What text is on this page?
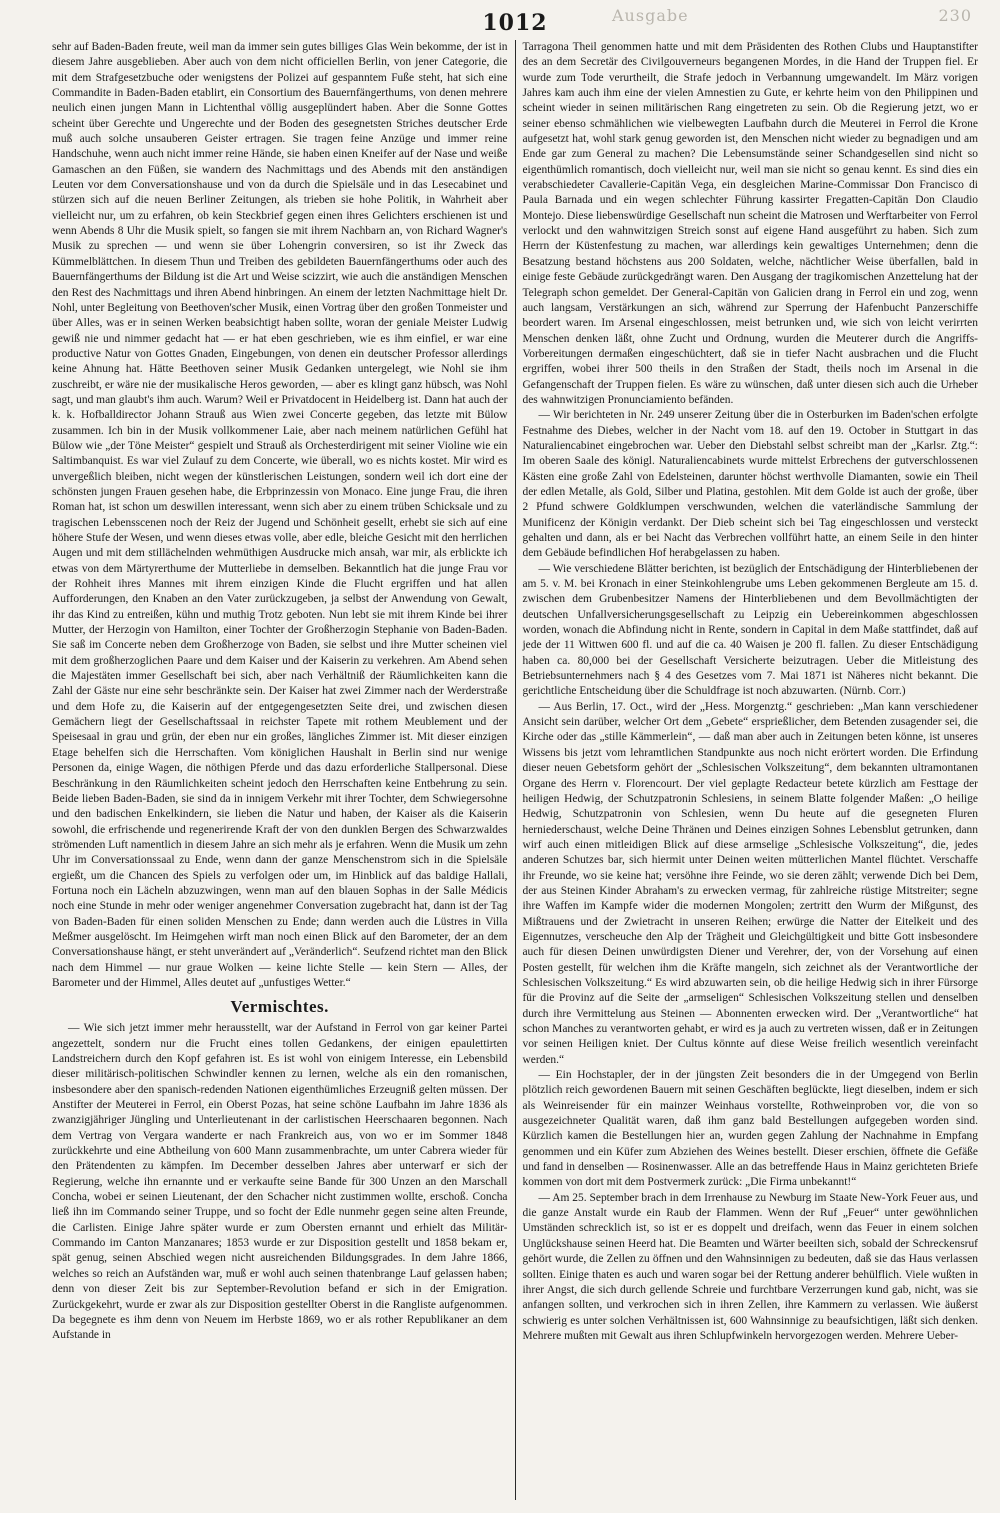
Ausgabe
1012	230

sehr auf Baden-Baden freute, weil man da immer sein gutes billiges Glas Wein bekomme, der ist in diesem Jahre ausgeblieben. Aber auch von dem nicht officiellen Berlin, von jener Categorie, die mit dem Strafgesetzbuche oder wenigstens der Polizei auf gespanntem Fuße steht, hat sich eine Commandite in Baden-Baden etablirt, ein Consortium des Bauernfängerthums, von denen mehrere neulich einen jungen Mann in Lichtenthal völlig ausgeplündert haben. Aber die Sonne Gottes scheint über Gerechte und Ungerechte und der Boden des gesegnetsten Striches deutscher Erde muß auch solche unsauberen Geister ertragen. Sie tragen feine Anzüge und immer reine Handschuhe, wenn auch nicht immer reine Hände, sie haben einen Kneifer auf der Nase und weiße Gamaschen an den Füßen, sie wandern des Nachmittags und des Abends mit den anständigen Leuten vor dem Conversationshause und von da durch die Spielsäle und in das Lesecabinet und stürzen sich auf die neuen Berliner Zeitungen, als trieben sie hohe Politik, in Wahrheit aber vielleicht nur, um zu erfahren, ob kein Steckbrief gegen einen ihres Gelichters erschienen ist und wenn Abends 8 Uhr die Musik spielt, so fangen sie mit ihrem Nachbarn an, von Richard Wagner's Musik zu sprechen — und wenn sie über Lohengrin conversiren, so ist ihr Zweck das Kümmelblättchen. In diesem Thun und Treiben des gebildeten Bauernfängerthums oder auch des Bauernfängerthums der Bildung ist die Art und Weise scizzirt, wie auch die anständigen Menschen den Rest des Nachmittags und ihren Abend hinbringen. An einem der letzten Nachmittage hielt Dr. Nohl, unter Begleitung von Beethoven'scher Musik, einen Vortrag über den großen Tonmeister und über Alles, was er in seinen Werken beabsichtigt haben sollte, woran der geniale Meister Ludwig gewiß nie und nimmer gedacht hat — er hat eben geschrieben, wie es ihm einfiel, er war eine productive Natur von Gottes Gnaden, Eingebungen, von denen ein deutscher Professor allerdings keine Ahnung hat. Hätte Beethoven seiner Musik Gedanken untergelegt, wie Nohl sie ihm zuschreibt, er wäre nie der musikalische Heros geworden, — aber es klingt ganz hübsch, was Nohl sagt, und man glaubt's ihm auch. Warum? Weil er Privatdocent in Heidelberg ist. Dann hat auch der k. k. Hofballdirector Johann Strauß aus Wien zwei Concerte gegeben, das letzte mit Bülow zusammen. Ich bin in der Musik vollkommener Laie, aber nach meinem natürlichen Gefühl hat Bülow wie „der Töne Meister“ gespielt und Strauß als Orchesterdirigent mit seiner Violine wie ein Saltimbanquist. Es war viel Zulauf zu dem Concerte, wie überall, wo es nichts kostet. Mir wird es unvergeßlich bleiben, nicht wegen der künstlerischen Leistungen, sondern weil ich dort eine der schönsten jungen Frauen gesehen habe, die Erbprinzessin von Monaco. Eine junge Frau, die ihren Roman hat, ist schon um deswillen interessant, wenn sich aber zu einem trüben Schicksale und zu tragischen Lebensscenen noch der Reiz der Jugend und Schönheit gesellt, erhebt sie sich auf eine höhere Stufe der Wesen, und wenn dieses etwas volle, aber edle, bleiche Gesicht mit den herrlichen Augen und mit dem stillächelnden wehmüthigen Ausdrucke mich ansah, war mir, als erblickte ich etwas von dem Märtyrerthume der Mutterliebe in demselben. Bekanntlich hat die junge Frau vor der Rohheit ihres Mannes mit ihrem einzigen Kinde die Flucht ergriffen und hat allen Aufforderungen, den Knaben an den Vater zurückzugeben, ja selbst der Anwendung von Gewalt, ihr das Kind zu entreißen, kühn und muthig Trotz geboten. Nun lebt sie mit ihrem Kinde bei ihrer Mutter, der Herzogin von Hamilton, einer Tochter der Großherzogin Stephanie von Baden-Baden. Sie saß im Concerte neben dem Großherzoge von Baden, sie selbst und ihre Mutter scheinen viel mit dem großherzoglichen Paare und dem Kaiser und der Kaiserin zu verkehren. Am Abend sehen die Majestäten immer Gesellschaft bei sich, aber nach Verhältniß der Räumlichkeiten kann die Zahl der Gäste nur eine sehr beschränkte sein. Der Kaiser hat zwei Zimmer nach der Werderstraße und dem Hofe zu, die Kaiserin auf der entgegengesetzten Seite drei, und zwischen diesen Gemächern liegt der Gesellschaftssaal in reichster Tapete mit rothem Meublement und der Speisesaal in grau und grün, der eben nur ein großes, längliches Zimmer ist. Mit dieser einzigen Etage behelfen sich die Herrschaften. Vom königlichen Haushalt in Berlin sind nur wenige Personen da, einige Wagen, die nöthigen Pferde und das dazu erforderliche Stallpersonal. Diese Beschränkung in den Räumlichkeiten scheint jedoch den Herrschaften keine Entbehrung zu sein. Beide lieben Baden-Baden, sie sind da in innigem Verkehr mit ihrer Tochter, dem Schwiegersohne und den badischen Enkelkindern, sie lieben die Natur und haben, der Kaiser als die Kaiserin sowohl, die erfrischende und regenerirende Kraft der von den dunklen Bergen des Schwarzwaldes strömenden Luft namentlich in diesem Jahre an sich mehr als je erfahren. Wenn die Musik um zehn Uhr im Conversationssaal zu Ende, wenn dann der ganze Menschenstrom sich in die Spielsäle ergießt, um die Chancen des Spiels zu verfolgen oder um, im Hinblick auf das baldige Hallali, Fortuna noch ein Lächeln abzuzwingen, wenn man auf den blauen Sophas in der Salle Médicis noch eine Stunde in mehr oder weniger angenehmer Conversation zugebracht hat, dann ist der Tag von Baden-Baden für einen soliden Menschen zu Ende; dann werden auch die Lüstres in Villa Meßmer ausgelöscht. Im Heimgehen wirft man noch einen Blick auf den Barometer, der an dem Conversationshause hängt, er steht unverändert auf „Veränderlich“. Seufzend richtet man den Blick nach dem Himmel — nur graue Wolken — keine lichte Stelle — kein Stern — Alles, der Barometer und der Himmel, Alles deutet auf „unfustiges Wetter.“

Vermischtes.

— Wie sich jetzt immer mehr herausstellt, war der Aufstand in Ferrol von gar keiner Partei angezettelt, sondern nur die Frucht eines tollen Gedankens, der einigen epaulettirten Landstreichern durch den Kopf gefahren ist. Es ist wohl von einigem Interesse, ein Lebensbild dieser militärisch-politischen Schwindler kennen zu lernen, welche als ein den romanischen, insbesondere aber den spanisch-redenden Nationen eigenthümliches Erzeugniß gelten müssen. Der Anstifter der Meuterei in Ferrol, ein Oberst Pozas, hat seine schöne Laufbahn im Jahre 1836 als zwanzigjähriger Jüngling und Unterlieutenant in der carlistischen Heerschaaren begonnen. Nach dem Vertrag von Vergara wanderte er nach Frankreich aus, von wo er im Sommer 1848 zurückkehrte und eine Abtheilung von 600 Mann zusammenbrachte, um unter Cabrera wieder für den Prätendenten zu kämpfen. Im December desselben Jahres aber unterwarf er sich der Regierung, welche ihn ernannte und er verkaufte seine Bande für 300 Unzen an den Marschall Concha, wobei er seinen Lieutenant, der den Schacher nicht zustimmen wollte, erschoß. Concha ließ ihn im Commando seiner Truppe, und so focht der Edle nunmehr gegen seine alten Freunde, die Carlisten. Einige Jahre später wurde er zum Obersten ernannt und erhielt das Militär-Commando im Canton Manzanares; 1853 wurde er zur Disposition gestellt und 1858 bekam er, spät genug, seinen Abschied wegen nicht ausreichenden Bildungsgrades. In dem Jahre 1866, welches so reich an Aufständen war, muß er wohl auch seinen thatenbrange Lauf gelassen haben; denn von dieser Zeit bis zur September-Revolution befand er sich in der Emigration. Zurückgekehrt, wurde er zwar als zur Disposition gestellter Oberst in die Rangliste aufgenommen. Da begegnete es ihm denn von Neuem im Herbste 1869, wo er als rother Republikaner an dem Aufstande in

Tarragona Theil genommen hatte und mit dem Präsidenten des Rothen Clubs und Hauptanstifter des an dem Secretär des Civilgouverneurs begangenen Mordes, in die Hand der Truppen fiel. Er wurde zum Tode verurtheilt, die Strafe jedoch in Verbannung umgewandelt. Im März vorigen Jahres kam auch ihm eine der vielen Amnestien zu Gute, er kehrte heim von den Philippinen und scheint wieder in seinen militärischen Rang eingetreten zu sein. Ob die Regierung jetzt, wo er seiner ebenso schmählichen wie vielbewegten Laufbahn durch die Meuterei in Ferrol die Krone aufgesetzt hat, wohl stark genug geworden ist, den Menschen nicht wieder zu begnadigen und am Ende gar zum General zu machen? Die Lebensumstände seiner Schandgesellen sind nicht so eigenthümlich romantisch, doch vielleicht nur, weil man sie nicht so genau kennt. Es sind dies ein verabschiedeter Cavallerie-Capitän Vega, ein desgleichen Marine-Commissar Don Francisco di Paula Barnada und ein wegen schlechter Führung kassirter Fregatten-Capitän Don Claudio Montejo. Diese liebenswürdige Gesellschaft nun scheint die Matrosen und Werftarbeiter von Ferrol verlockt und den wahnwitzigen Streich sonst auf eigene Hand ausgeführt zu haben. Sich zum Herrn der Küstenfestung zu machen, war allerdings kein gewaltiges Unternehmen; denn die Besatzung bestand höchstens aus 200 Soldaten, welche, nächtlicher Weise überfallen, bald in einige feste Gebäude zurückgedrängt waren. Den Ausgang der tragikomischen Anzettelung hat der Telegraph schon gemeldet. Der General-Capitän von Galicien drang in Ferrol ein und zog, wenn auch langsam, Verstärkungen an sich, während zur Sperrung der Hafenbucht Panzerschiffe beordert waren. Im Arsenal eingeschlossen, meist betrunken und, wie sich von leicht verirrten Menschen denken läßt, ohne Zucht und Ordnung, wurden die Meuterer durch die Angriffs-Vorbereitungen dermaßen eingeschüchtert, daß sie in tiefer Nacht ausbrachen und die Flucht ergriffen, wobei ihrer 500 theils in den Straßen der Stadt, theils noch im Arsenal in die Gefangenschaft der Truppen fielen. Es wäre zu wünschen, daß unter diesen sich auch die Urheber des wahnwitzigen Pronunciamiento befänden.

— Wir berichteten in Nr. 249 unserer Zeitung über die in Osterburken im Baden'schen erfolgte Festnahme des Diebes, welcher in der Nacht vom 18. auf den 19. October in Stuttgart in das Naturaliencabinet eingebrochen war. Ueber den Diebstahl selbst schreibt man der „Karlsr. Ztg.“: Im oberen Saale des königl. Naturaliencabinets wurde mittelst Erbrechens der gutverschlossenen Kästen eine große Zahl von Edelsteinen, darunter höchst werthvolle Diamanten, sowie ein Theil der edlen Metalle, als Gold, Silber und Platina, gestohlen. Mit dem Golde ist auch der große, über 2 Pfund schwere Goldklumpen verschwunden, welchen die vaterländische Sammlung der Munificenz der Königin verdankt. Der Dieb scheint sich bei Tag eingeschlossen und versteckt gehalten und dann, als er bei Nacht das Verbrechen vollführt hatte, an einem Seile in den hinter dem Gebäude befindlichen Hof herabgelassen zu haben.

— Wie verschiedene Blätter berichten, ist bezüglich der Entschädigung der Hinterbliebenen der am 5. v. M. bei Kronach in einer Steinkohlengrube ums Leben gekommenen Bergleute am 15. d. zwischen dem Grubenbesitzer Namens der Hinterbliebenen und dem Bevollmächtigten der deutschen Unfallversicherungsgesellschaft zu Leipzig ein Uebereinkommen abgeschlossen worden, wonach die Abfindung nicht in Rente, sondern in Capital in dem Maße stattfindet, daß auf jede der 11 Wittwen 600 fl. und auf die ca. 40 Waisen je 200 fl. fallen. Zu dieser Entschädigung haben ca. 80,000 bei der Gesellschaft Versicherte beizutragen. Ueber die Mitleistung des Betriebsunternehmers nach § 4 des Gesetzes vom 7. Mai 1871 ist Näheres nicht bekannt. Die gerichtliche Entscheidung über die Schuldfrage ist noch abzuwarten. (Nürnb. Corr.)

— Aus Berlin, 17. Oct., wird der „Hess. Morgenztg.“ geschrieben: „Man kann verschiedener Ansicht sein darüber, welcher Ort dem „Gebete“ ersprießlicher, dem Betenden zusagender sei, die Kirche oder das „stille Kämmerlein“, — daß man aber auch in Zeitungen beten könne, ist unseres Wissens bis jetzt vom lehramtlichen Standpunkte aus noch nicht erörtert worden. Die Erfindung dieser neuen Gebetsform gehört der „Schlesischen Volkszeitung“, dem bekannten ultramontanen Organe des Herrn v. Florencourt. Der viel geplagte Redacteur betete kürzlich am Festtage der heiligen Hedwig, der Schutzpatronin Schlesiens, in seinem Blatte folgender Maßen: „O heilige Hedwig, Schutzpatronin von Schlesien, wenn Du heute auf die gesegneten Fluren herniederschaust, welche Deine Thränen und Deines einzigen Sohnes Lebensblut getrunken, dann wirf auch einen mitleidigen Blick auf diese armselige „Schlesische Volkszeitung“, die, jedes anderen Schutzes bar, sich hiermit unter Deinen weiten mütterlichen Mantel flüchtet. Verschaffe ihr Freunde, wo sie keine hat; versöhne ihre Feinde, wo sie deren zählt; verwende Dich bei Dem, der aus Steinen Kinder Abraham's zu erwecken vermag, für zahlreiche rüstige Mitstreiter; segne ihre Waffen im Kampfe wider die modernen Mongolen; zertritt den Wurm der Mißgunst, des Mißtrauens und der Zwietracht in unseren Reihen; erwürge die Natter der Eitelkeit und des Eigennutzes, verscheuche den Alp der Trägheit und Gleichgültigkeit und bitte Gott insbesondere auch für diesen Deinen unwürdigsten Diener und Verehrer, der, von der Vorsehung auf einen Posten gestellt, für welchen ihm die Kräfte mangeln, sich zeichnet als der Verantwortliche der Schlesischen Volkszeitung.“ Es wird abzuwarten sein, ob die heilige Hedwig sich in ihrer Fürsorge für die Provinz auf die Seite der „armseligen“ Schlesischen Volkszeitung stellen und denselben durch ihre Vermittelung aus Steinen — Abonnenten erwecken wird. Der „Verantwortliche“ hat schon Manches zu verantworten gehabt, er wird es ja auch zu vertreten wissen, daß er in Zeitungen vor seinen Heiligen kniet. Der Cultus könnte auf diese Weise freilich wesentlich vereinfacht werden.“

— Ein Hochstapler, der in der jüngsten Zeit besonders die in der Umgegend von Berlin plötzlich reich gewordenen Bauern mit seinen Geschäften beglückte, liegt dieselben, indem er sich als Weinreisender für ein mainzer Weinhaus vorstellte, Rothweinproben vor, die von so ausgezeichneter Qualität waren, daß ihm ganz bald Bestellungen aufgegeben worden sind. Kürzlich kamen die Bestellungen hier an, wurden gegen Zahlung der Nachnahme in Empfang genommen und ein Küfer zum Abziehen des Weines bestellt. Dieser erschien, öffnete die Gefäße und fand in denselben — Rosinenwasser. Alle an das betreffende Haus in Mainz gerichteten Briefe kommen von dort mit dem Postvermerk zurück: „Die Firma unbekannt!“

— Am 25. September brach in dem Irrenhause zu Newburg im Staate New-York Feuer aus, und die ganze Anstalt wurde ein Raub der Flammen. Wenn der Ruf „Feuer“ unter gewöhnlichen Umständen schrecklich ist, so ist er es doppelt und dreifach, wenn das Feuer in einem solchen Unglückshause seinen Heerd hat. Die Beamten und Wärter beeilten sich, sobald der Schreckensruf gehört wurde, die Zellen zu öffnen und den Wahnsinnigen zu bedeuten, daß sie das Haus verlassen sollten. Einige thaten es auch und waren sogar bei der Rettung anderer behülflich. Viele wußten in ihrer Angst, die sich durch gellende Schreie und furchtbare Verzerrungen kund gab, nicht, was sie anfangen sollten, und verkrochen sich in ihren Zellen, ihre Kammern zu verlassen. Wie äußerst schwierig es unter solchen Verhältnissen ist, 600 Wahnsinnige zu beaufsichtigen, läßt sich denken. Mehrere mußten mit Gewalt aus ihren Schlupfwinkeln hervorgezogen werden. Mehrere Ueber-
